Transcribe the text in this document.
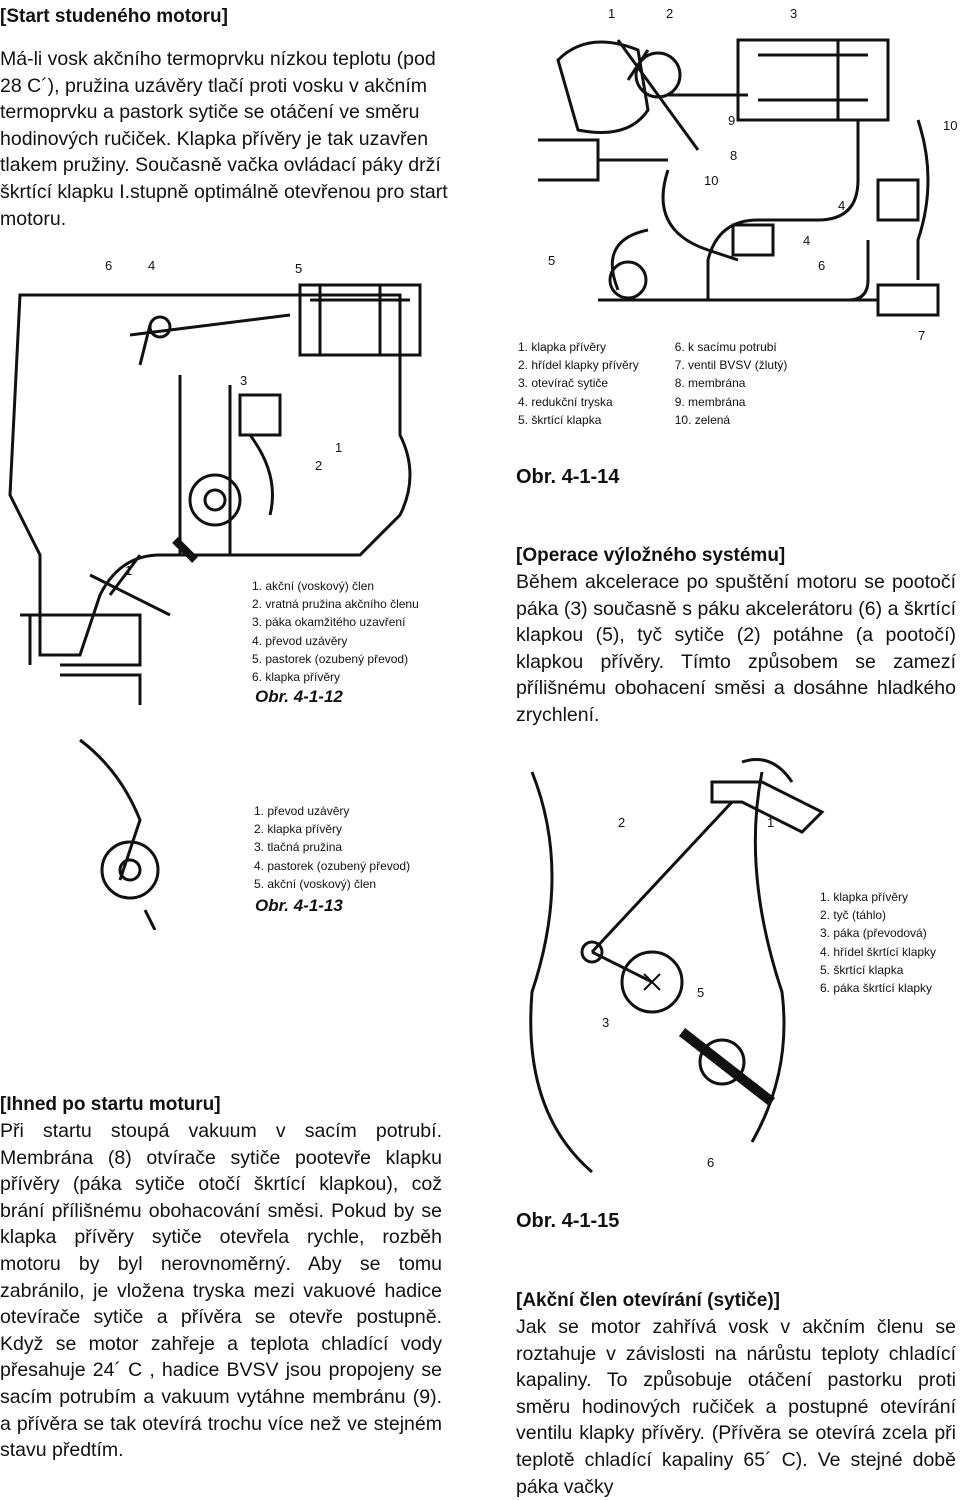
[Start studeného motoru]

Má-li vosk akčního termoprvku nízkou teplotu (pod 28 C´), pružina uzávěry tlačí proti vosku v akčním termoprvku a pastork sytiče se otáčení ve směru hodinových ručiček. Klapka přívěry je tak uzavřen tlakem pružiny. Současně vačka ovládací páky drží škrtící klapku I.stupně optimálně otevřenou pro start motoru.

1	2	3
10
10
8
9
4
4
5
7
6
1. klapka přívěry
2. hřídel klapky přívěry
3. otevírač sytiče
4. redukční tryska
5. škrtící klapka
6. k sacímu potrubí
7. ventil BVSV (žlutý)
8. membrána
9. membrána
10. zelená
Obr. 4-1-14
6	4	5
2
1
1
3
1. akční (voskový) člen
2. vratná pružina akčního členu
3. páka okamžitého uzavření
4. převod uzávěry
5. pastorek (ozubený převod)
6. klapka přívěry
Obr. 4-1-12

[Operace výložného systému]

Během akcelerace po spuštění motoru se pootočí páka (3) současně s páku akcelerátoru (6) a škrtící klapkou (5), tyč sytiče (2) potáhne (a pootočí) klapkou přívěry. Tímto způsobem se zamezí přílišnému obohacení směsi a dosáhne hladkého zrychlení.

1. převod uzávěry
2. klapka přívěry
3. tlačná pružina
4. pastorek (ozubený převod)
5. akční (voskový) člen
Obr. 4-1-13
2
3
5
6
1
1. klapka přívěry
2. tyč (táhlo)
3. páka (převodová)
4. hřídel škrtící klapky
5. škrtící klapka
6. páka škrtící klapky

[Ihned po startu moturu]

Při startu stoupá vakuum v sacím potrubí. Membrána (8) otvírače sytiče pootevře klapku přívěry (páka sytiče otočí škrtící klapkou), což brání přílišnému obohacování směsi. Pokud by se klapka přívěry sytiče otevřela rychle, rozběh motoru by byl nerovnoměrný. Aby se tomu zabránilo, je vložena tryska mezi vakuové hadice otevírače sytiče a přívěra se otevře postupně. Když se motor zahřeje a teplota chladící vody přesahuje 24´ C , hadice BVSV jsou propojeny se sacím potrubím a vakuum vytáhne membránu (9). a přívěra se tak otevírá trochu více než ve stejném stavu předtím.

Obr. 4-1-15

[Akční člen otevírání (sytiče)]

Jak se motor zahřívá vosk v akčním členu se roztahuje v závislosti na nárůstu teploty chladící kapaliny. To způsobuje otáčení pastorku proti směru hodinových ručiček a postupné otevírání ventilu klapky přívěry. (Přívěra se otevírá zcela při teplotě chladící kapaliny 65´ C). Ve stejné době páka vačky
